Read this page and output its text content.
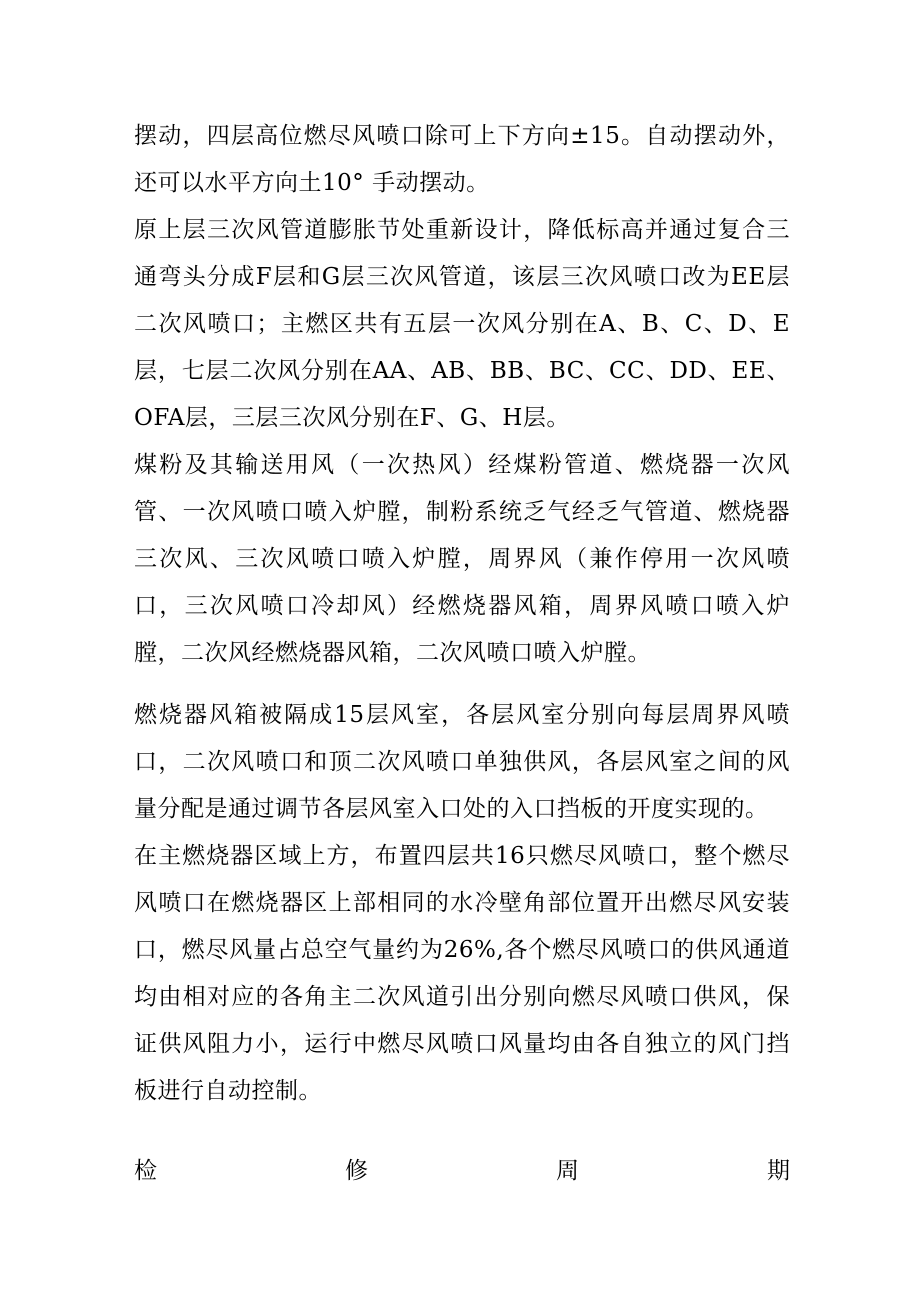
摆动，四层高位燃尽风喷口除可上下方向±15。自动摆动外，还可以水平方向土10° 手动摆动。

原上层三次风管道膨胀节处重新设计，降低标高并通过复合三通弯头分成F层和G层三次风管道，该层三次风喷口改为EE层二次风喷口；主燃区共有五层一次风分别在A、B、C、D、E层，七层二次风分别在AA、AB、BB、BC、CC、DD、EE、OFA层，三层三次风分别在F、G、H层。

煤粉及其输送用风（一次热风）经煤粉管道、燃烧器一次风管、一次风喷口喷入炉膛，制粉系统乏气经乏气管道、燃烧器三次风、三次风喷口喷入炉膛，周界风（兼作停用一次风喷口，三次风喷口冷却风）经燃烧器风箱，周界风喷口喷入炉膛，二次风经燃烧器风箱，二次风喷口喷入炉膛。

燃烧器风箱被隔成15层风室，各层风室分别向每层周界风喷口，二次风喷口和顶二次风喷口单独供风，各层风室之间的风量分配是通过调节各层风室入口处的入口挡板的开度实现的。

在主燃烧器区域上方，布置四层共16只燃尽风喷口，整个燃尽风喷口在燃烧器区上部相同的水冷壁角部位置开出燃尽风安装口，燃尽风量占总空气量约为26%,各个燃尽风喷口的供风通道均由相对应的各角主二次风道引出分别向燃尽风喷口供风，保证供风阻力小，运行中燃尽风喷口风量均由各自独立的风门挡板进行自动控制。

检	修	周	期
